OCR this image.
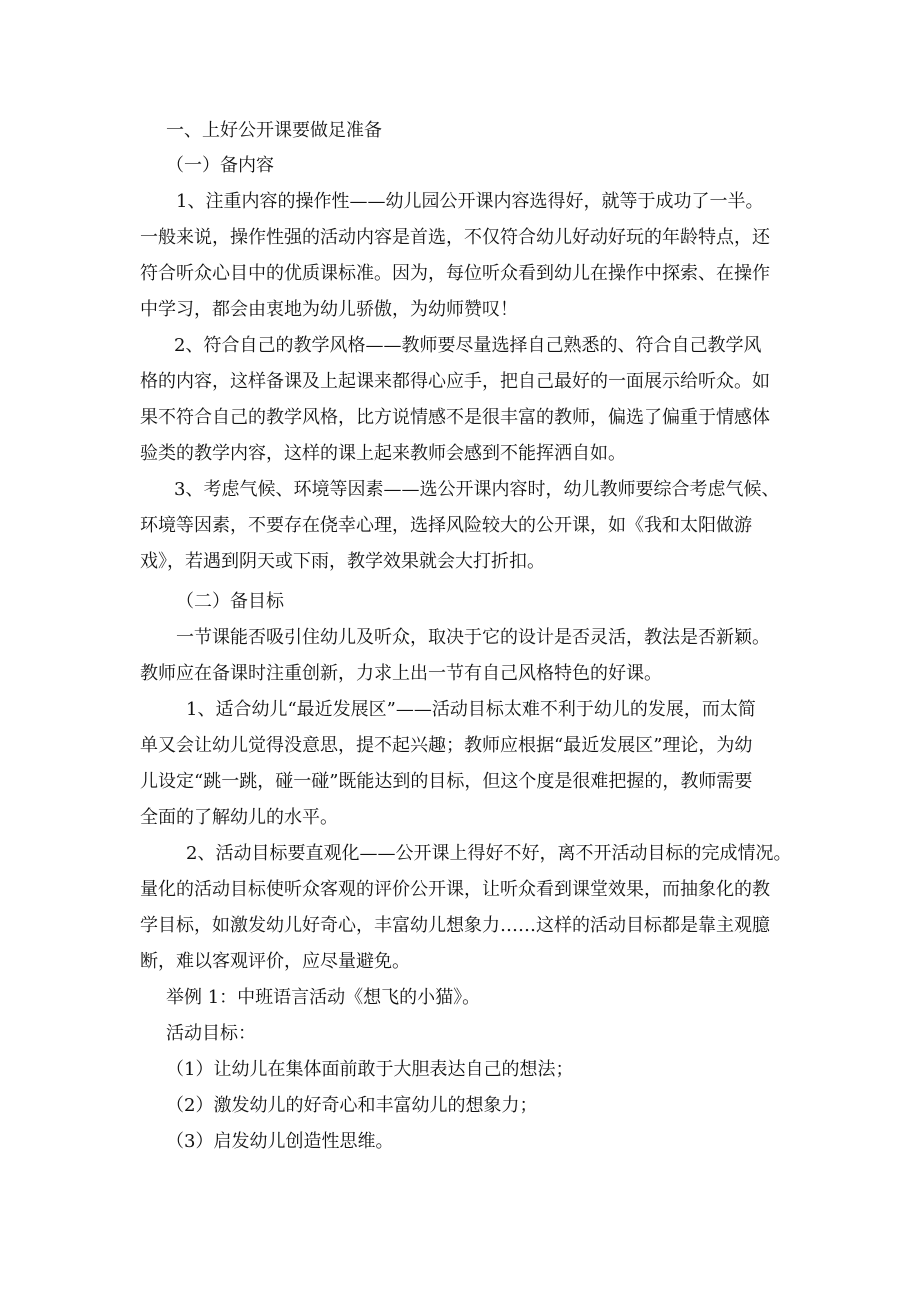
一、上好公开课要做足准备

（一）备内容

1、注重内容的操作性——幼儿园公开课内容选得好，就等于成功了一半。

一般来说，操作性强的活动内容是首选，不仅符合幼儿好动好玩的年龄特点，还

符合听众心目中的优质课标准。因为，每位听众看到幼儿在操作中探索、在操作

中学习，都会由衷地为幼儿骄傲，为幼师赞叹！

2、符合自己的教学风格——教师要尽量选择自己熟悉的、符合自己教学风

格的内容，这样备课及上起课来都得心应手，把自己最好的一面展示给听众。如

果不符合自己的教学风格，比方说情感不是很丰富的教师，偏选了偏重于情感体

验类的教学内容，这样的课上起来教师会感到不能挥洒自如。

3、考虑气候、环境等因素——选公开课内容时，幼儿教师要综合考虑气候、

环境等因素，不要存在侥幸心理，选择风险较大的公开课，如《我和太阳做游

戏》，若遇到阴天或下雨，教学效果就会大打折扣。

（二）备目标

一节课能否吸引住幼儿及听众，取决于它的设计是否灵活，教法是否新颖。

教师应在备课时注重创新，力求上出一节有自己风格特色的好课。

1、适合幼儿“最近发展区”——活动目标太难不利于幼儿的发展，而太简

单又会让幼儿觉得没意思，提不起兴趣；教师应根据“最近发展区”理论，为幼

儿设定“跳一跳，碰一碰”既能达到的目标，但这个度是很难把握的，教师需要

全面的了解幼儿的水平。

2、活动目标要直观化——公开课上得好不好，离不开活动目标的完成情况。

量化的活动目标使听众客观的评价公开课，让听众看到课堂效果，而抽象化的教

学目标，如激发幼儿好奇心，丰富幼儿想象力……这样的活动目标都是靠主观臆

断，难以客观评价，应尽量避免。

举例 1：中班语言活动《想飞的小猫》。

活动目标：

（1）让幼儿在集体面前敢于大胆表达自己的想法；

（2）激发幼儿的好奇心和丰富幼儿的想象力；

（3）启发幼儿创造性思维。
